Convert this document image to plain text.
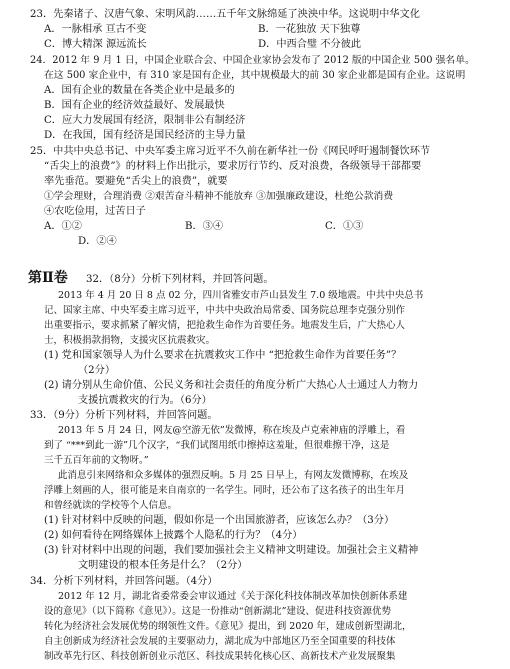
23．先秦诸子、汉唐气象、宋明风韵……五千年文脉绵延了泱泱中华。这说明中华文化
A．一脉相承 亘古不变	B．一花独放 天下独尊
C．博大精深 源远流长	D．中西合璧 不分彼此
24．2012 年 9 月 1 日，中国企业联合会、中国企业家协会发布了 2012 版的中国企业 500 强名单。
在这 500 家企业中，有 310 家是国有企业，其中规模最大的前 30 家企业都是国有企业。这说明
A．国有企业的数量在各类企业中是最多的
B．国有企业的经济效益最好、发展最快
C．应大力发展国有经济，限制非公有制经济
D．在我国，国有经济是国民经济的主导力量
25．中共中央总书记、中央军委主席习近平不久前在新华社一份《网民呼吁遏制餐饮环节
“舌尖上的浪费”》的材料上作出批示，要求厉行节约、反对浪费，各级领导干部都要
率先垂范。要避免“舌尖上的浪费”，就要
①学会理财，合理消费 ②艰苦奋斗精神不能放弃 ③加强廉政建设，杜绝公款消费
④农吃俭用，过苦日子
A．①②	B．③④	C．①③
D．②④
第Ⅱ卷 32．（8分）分析下列材料，并回答问题。
2013 年 4 月 20 日 8 点 02 分，四川省雅安市芦山县发生 7.0 级地震。中共中央总书
记、国家主席、中央军委主席习近平，中共中央政治局常委、国务院总理李克强分别作
出重要指示，要求抓紧了解灾情，把抢救生命作为首要任务。地震发生后，广大热心人
士，积极捐款捐物，支援灾区抗震救灾。
(1) 党和国家领导人为什么要求在抗震救灾工作中 “把抢救生命作为首要任务”？
（2分）
(2) 请分别从生命价值、公民义务和社会责任的角度分析广大热心人士通过人力物力
支援抗震救灾的行为。（6分）
33．（9分）分析下列材料，并回答问题。
2013 年 5 月 24 日，网友@空游无依”发微博，称在埃及卢克索神庙的浮雕上，看
到了 “***到此一游”几个汉字，“我们试图用纸巾擦掉这羞耻，但很难擦干净，这是
三千五百年前的文物呀。”
此消息引来网络和众多媒体的强烈反响。5 月 25 日早上，有网友发微博称，在埃及
浮雕上刻画的人，很可能是来自南京的一名学生。同时，还公布了这名孩子的出生年月
和曾经就读的学校等个人信息。
(1) 针对材料中反映的问题，假如你是一个出国旅游者，应该怎么办？（3分）
(2) 如何看待在网络媒体上披露个人隐私的行为？（4分）
(3) 针对材料中出现的问题，我们要加强社会主义精神文明建设。加强社会主义精神
文明建设的根本任务是什么？（2分）
34．分析下列材料，并回答问题。（4分）
2012 年 12 月，湖北省委常委会审议通过《关于深化科技体制改革加快创新体系建
设的意见》（以下简称《意见》）。这是一份推动“创新湖北”建设、促进科技资源优势
转化为经济社会发展优势的纲领性文件。《意见》提出，到 2020 年，建成创新型湖北，
自主创新成为经济社会发展的主要驱动力，湖北成为中部地区乃至全国重要的科技体
制改革先行区、科技创新创业示范区、科技成果转化核心区、高新技术产业发展聚集
